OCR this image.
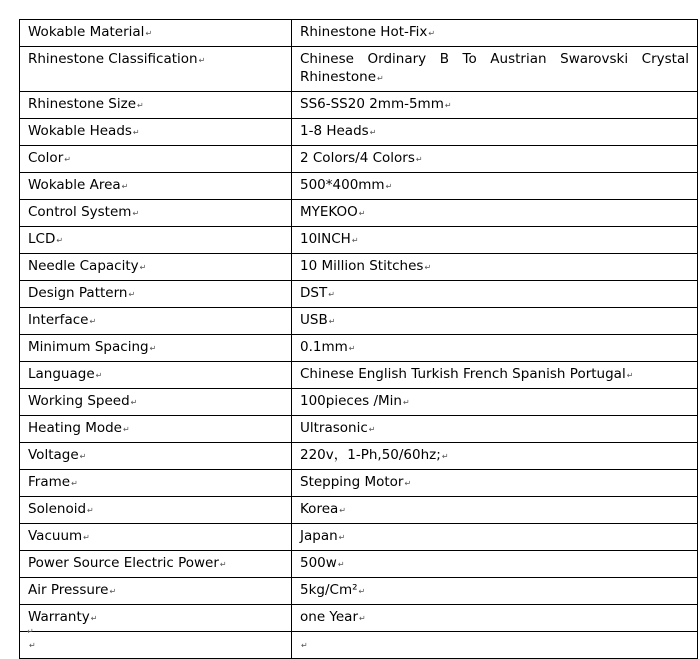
Wokable Material↵	Rhinestone Hot-Fix↵
Rhinestone Classification↵	Chinese Ordinary B To Austrian Swarovski Crystal Rhinestone↵
Rhinestone Size↵	SS6-SS20 2mm-5mm↵
Wokable Heads↵	1-8 Heads↵
Color↵	2 Colors/4 Colors↵
Wokable Area↵	500*400mm↵
Control System↵	MYEKOO↵
LCD↵	10INCH↵
Needle Capacity↵	10 Million Stitches↵
Design Pattern↵	DST↵
Interface↵	USB↵
Minimum Spacing↵	0.1mm↵
Language↵	Chinese English Turkish French Spanish Portugal↵
Working Speed↵	100pieces /Min↵
Heating Mode↵	Ultrasonic↵
Voltage↵	220v，1-Ph,50/60hz;↵
Frame↵	Stepping Motor↵
Solenoid↵	Korea↵
Vacuum↵	Japan↵
Power Source Electric Power↵	500w↵
Air Pressure↵	5kg/Cm²↵
Warranty↵	one Year↵
↵	↵
↵
